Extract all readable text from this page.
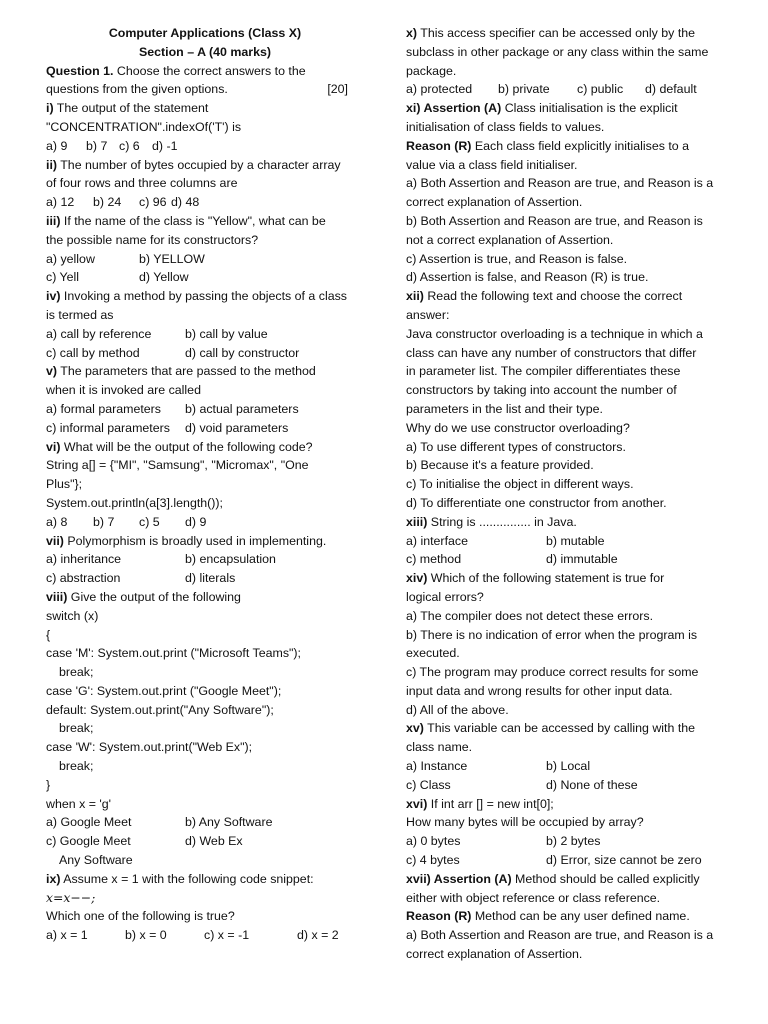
Computer Applications (Class X)
Section – A (40 marks)
Question 1. Choose the correct answers to the
questions from the given options.	[20]
i) The output of the statement
"CONCENTRATION".indexOf('T') is
a) 9	b) 7 c) 6 d) -1
ii) The number of bytes occupied by a character array
of four rows and three columns are
a) 12	b) 24	c) 96 d) 48
iii) If the name of the class is "Yellow", what can be
the possible name for its constructors?
a) yellow	b) YELLOW
c) Yell	d) Yellow
iv) Invoking a method by passing the objects of a class
is termed as
a) call by reference	b) call by value
c) call by method	d) call by constructor
v) The parameters that are passed to the method
when it is invoked are called
a) formal parameters	b) actual parameters
c) informal parameters	d) void parameters
vi) What will be the output of the following code?
String a[] = {"MI", "Samsung", "Micromax", "One
Plus"};
System.out.println(a[3].length());
a) 8	b) 7	c) 5	d) 9
vii) Polymorphism is broadly used in implementing.
a) inheritance	b) encapsulation
c) abstraction	d) literals
viii) Give the output of the following
switch (x)
{
case 'M': System.out.print ("Microsoft Teams");
break;
case 'G': System.out.print ("Google Meet");
default: System.out.print("Any Software");
break;
case 'W': System.out.print("Web Ex");
break;
}
when x = 'g'
a) Google Meet	b) Any Software
c) Google Meet	d) Web Ex
Any Software
ix) Assume x = 1 with the following code snippet:
x=x−−;
Which one of the following is true?
a) x = 1	b) x = 0	c) x = -1	d) x = 2
x) This access specifier can be accessed only by the
subclass in other package or any class within the same
package.
a) protected	b) private	c) public	d) default
xi) Assertion (A) Class initialisation is the explicit
initialisation of class fields to values.
Reason (R) Each class field explicitly initialises to a
value via a class field initialiser.
a) Both Assertion and Reason are true, and Reason is a
correct explanation of Assertion.
b) Both Assertion and Reason are true, and Reason is
not a correct explanation of Assertion.
c) Assertion is true, and Reason is false.
d) Assertion is false, and Reason (R) is true.
xii) Read the following text and choose the correct
answer:
Java constructor overloading is a technique in which a
class can have any number of constructors that differ
in parameter list. The compiler differentiates these
constructors by taking into account the number of
parameters in the list and their type.
Why do we use constructor overloading?
a) To use different types of constructors.
b) Because it's a feature provided.
c) To initialise the object in different ways.
d) To differentiate one constructor from another.
xiii) String is ............... in Java.
a) interface	b) mutable
c) method	d) immutable
xiv) Which of the following statement is true for
logical errors?
a) The compiler does not detect these errors.
b) There is no indication of error when the program is
executed.
c) The program may produce correct results for some
input data and wrong results for other input data.
d) All of the above.
xv) This variable can be accessed by calling with the
class name.
a) Instance	b) Local
c) Class	d) None of these
xvi) If int arr [] = new int[0];
How many bytes will be occupied by array?
a) 0 bytes	b) 2 bytes
c) 4 bytes	d) Error, size cannot be zero
xvii) Assertion (A) Method should be called explicitly
either with object reference or class reference.
Reason (R) Method can be any user defined name.
a) Both Assertion and Reason are true, and Reason is a
correct explanation of Assertion.
